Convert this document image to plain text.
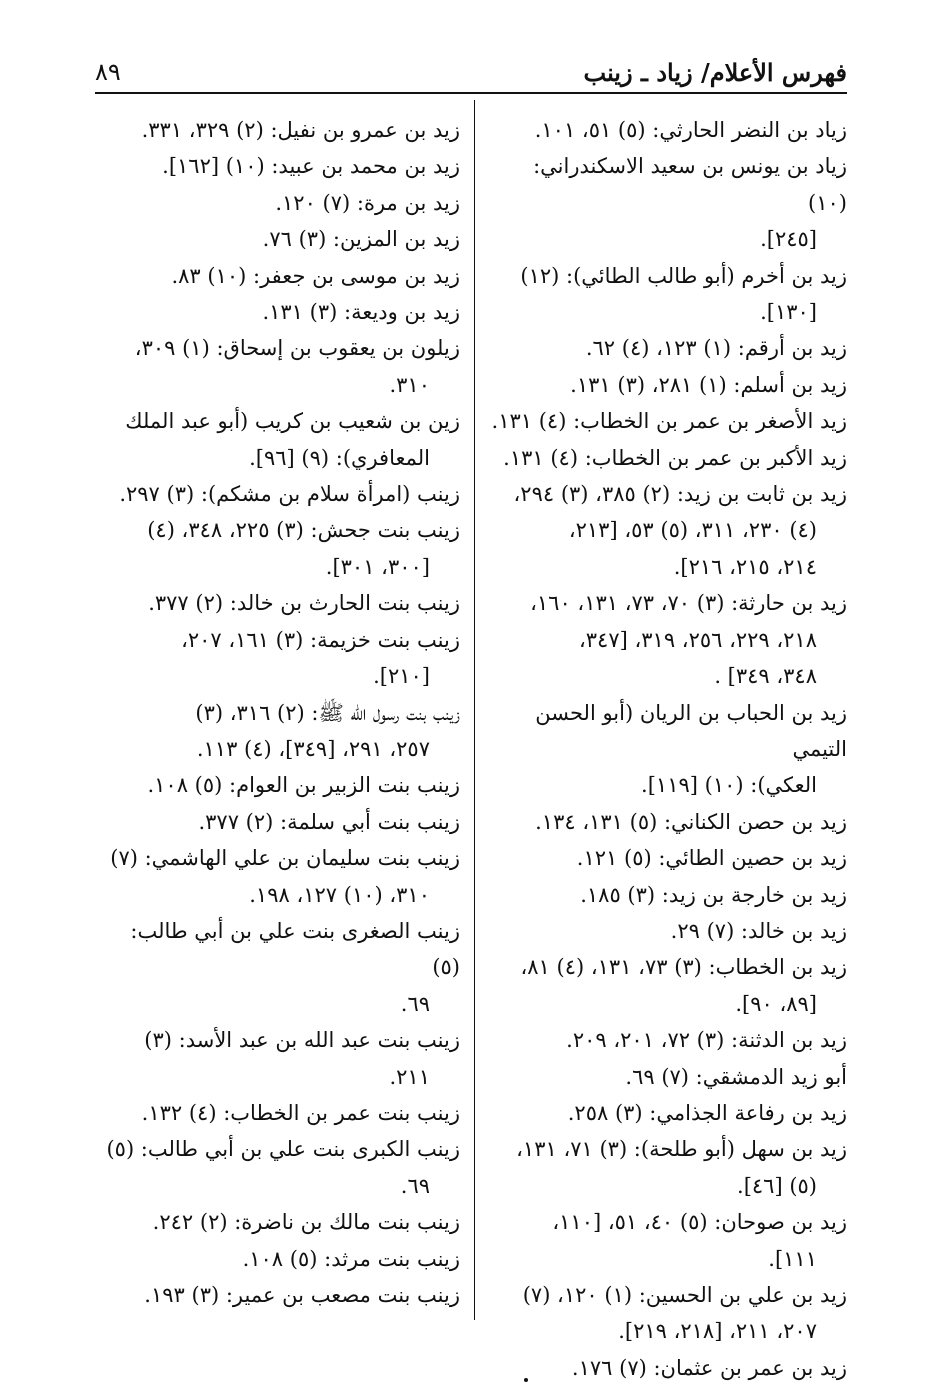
٨٩	فهرس الأعلام/ زياد ـ زينب
زياد بن النضر الحارثي: (٥) ٥١، ١٠١.
زياد بن يونس بن سعيد الاسكندراني: (١٠)
[٢٤٥].
زيد بن أخرم (أبو طالب الطائي): (١٢)
[١٣٠].
زيد بن أرقم: (١) ١٢٣، (٤) ٦٢.
زيد بن أسلم: (١) ٢٨١، (٣) ١٣١.
زيد الأصغر بن عمر بن الخطاب: (٤) ١٣١.
زيد الأكبر بن عمر بن الخطاب: (٤) ١٣١.
زيد بن ثابت بن زيد: (٢) ٣٨٥، (٣) ٢٩٤،
(٤) ٢٣٠، ٣١١، (٥) ٥٣، [٢١٣،
٢١٤، ٢١٥، ٢١٦].
زيد بن حارثة: (٣) ٧٠، ٧٣، ١٣١، ١٦٠،
٢١٨، ٢٢٩، ٢٥٦، ٣١٩، [٣٤٧،
٣٤٨، ٣٤٩] .
زيد بن الحباب بن الريان (أبو الحسن التيمي
العكي): (١٠) [١١٩].
زيد بن حصن الكناني: (٥) ١٣١، ١٣٤.
زيد بن حصين الطائي: (٥) ١٢١.
زيد بن خارجة بن زيد: (٣) ١٨٥.
زيد بن خالد: (٧) ٢٩.
زيد بن الخطاب: (٣) ٧٣، ١٣١، (٤) ٨١،
[٨٩، ٩٠].
زيد بن الدثنة: (٣) ٧٢، ٢٠١، ٢٠٩.
أبو زيد الدمشقي: (٧) ٦٩.
زيد بن رفاعة الجذامي: (٣) ٢٥٨.
زيد بن سهل (أبو طلحة): (٣) ٧١، ١٣١،
(٥) [٤٦].
زيد بن صوحان: (٥) ٤٠، ٥١، [١١٠،
١١١].
زيد بن علي بن الحسين: (١) ١٢٠، (٧)
٢٠٧، ٢١١، [٢١٨، ٢١٩].
زيد بن عمر بن عثمان: (٧) ١٧٦.
زيد بن عمرو بن نفيل: (٢) ٣٢٩، ٣٣١.
زيد بن محمد بن عبيد: (١٠) [١٦٢].
زيد بن مرة: (٧) ١٢٠.
زيد بن المزين: (٣) ٧٦.
زيد بن موسى بن جعفر: (١٠) ٨٣.
زيد بن وديعة: (٣) ١٣١.
زيلون بن يعقوب بن إسحاق: (١) ٣٠٩،
٣١٠.
زين بن شعيب بن كريب (أبو عبد الملك
المعافري): (٩) [٩٦].
زينب (امرأة سلام بن مشكم): (٣) ٢٩٧.
زينب بنت جحش: (٣) ٢٢٥، ٣٤٨، (٤)
[٣٠٠، ٣٠١].
زينب بنت الحارث بن خالد: (٢) ٣٧٧.
زينب بنت خزيمة: (٣) ١٦١، ٢٠٧،
[٢١٠].
زينب بنت رسول الله ﷺ: (٢) ٣١٦، (٣)
٢٥٧، ٢٩١، [٣٤٩]، (٤) ١١٣.
زينب بنت الزبير بن العوام: (٥) ١٠٨.
زينب بنت أبي سلمة: (٢) ٣٧٧.
زينب بنت سليمان بن علي الهاشمي: (٧)
٣١٠، (١٠) ١٢٧، ١٩٨.
زينب الصغرى بنت علي بن أبي طالب: (٥)
٦٩.
زينب بنت عبد الله بن عبد الأسد: (٣)
٢١١.
زينب بنت عمر بن الخطاب: (٤) ١٣٢.
زينب الكبرى بنت علي بن أبي طالب: (٥)
٦٩.
زينب بنت مالك بن ناضرة: (٢) ٢٤٢.
زينب بنت مرثد: (٥) ١٠٨.
زينب بنت مصعب بن عمير: (٣) ١٩٣.
